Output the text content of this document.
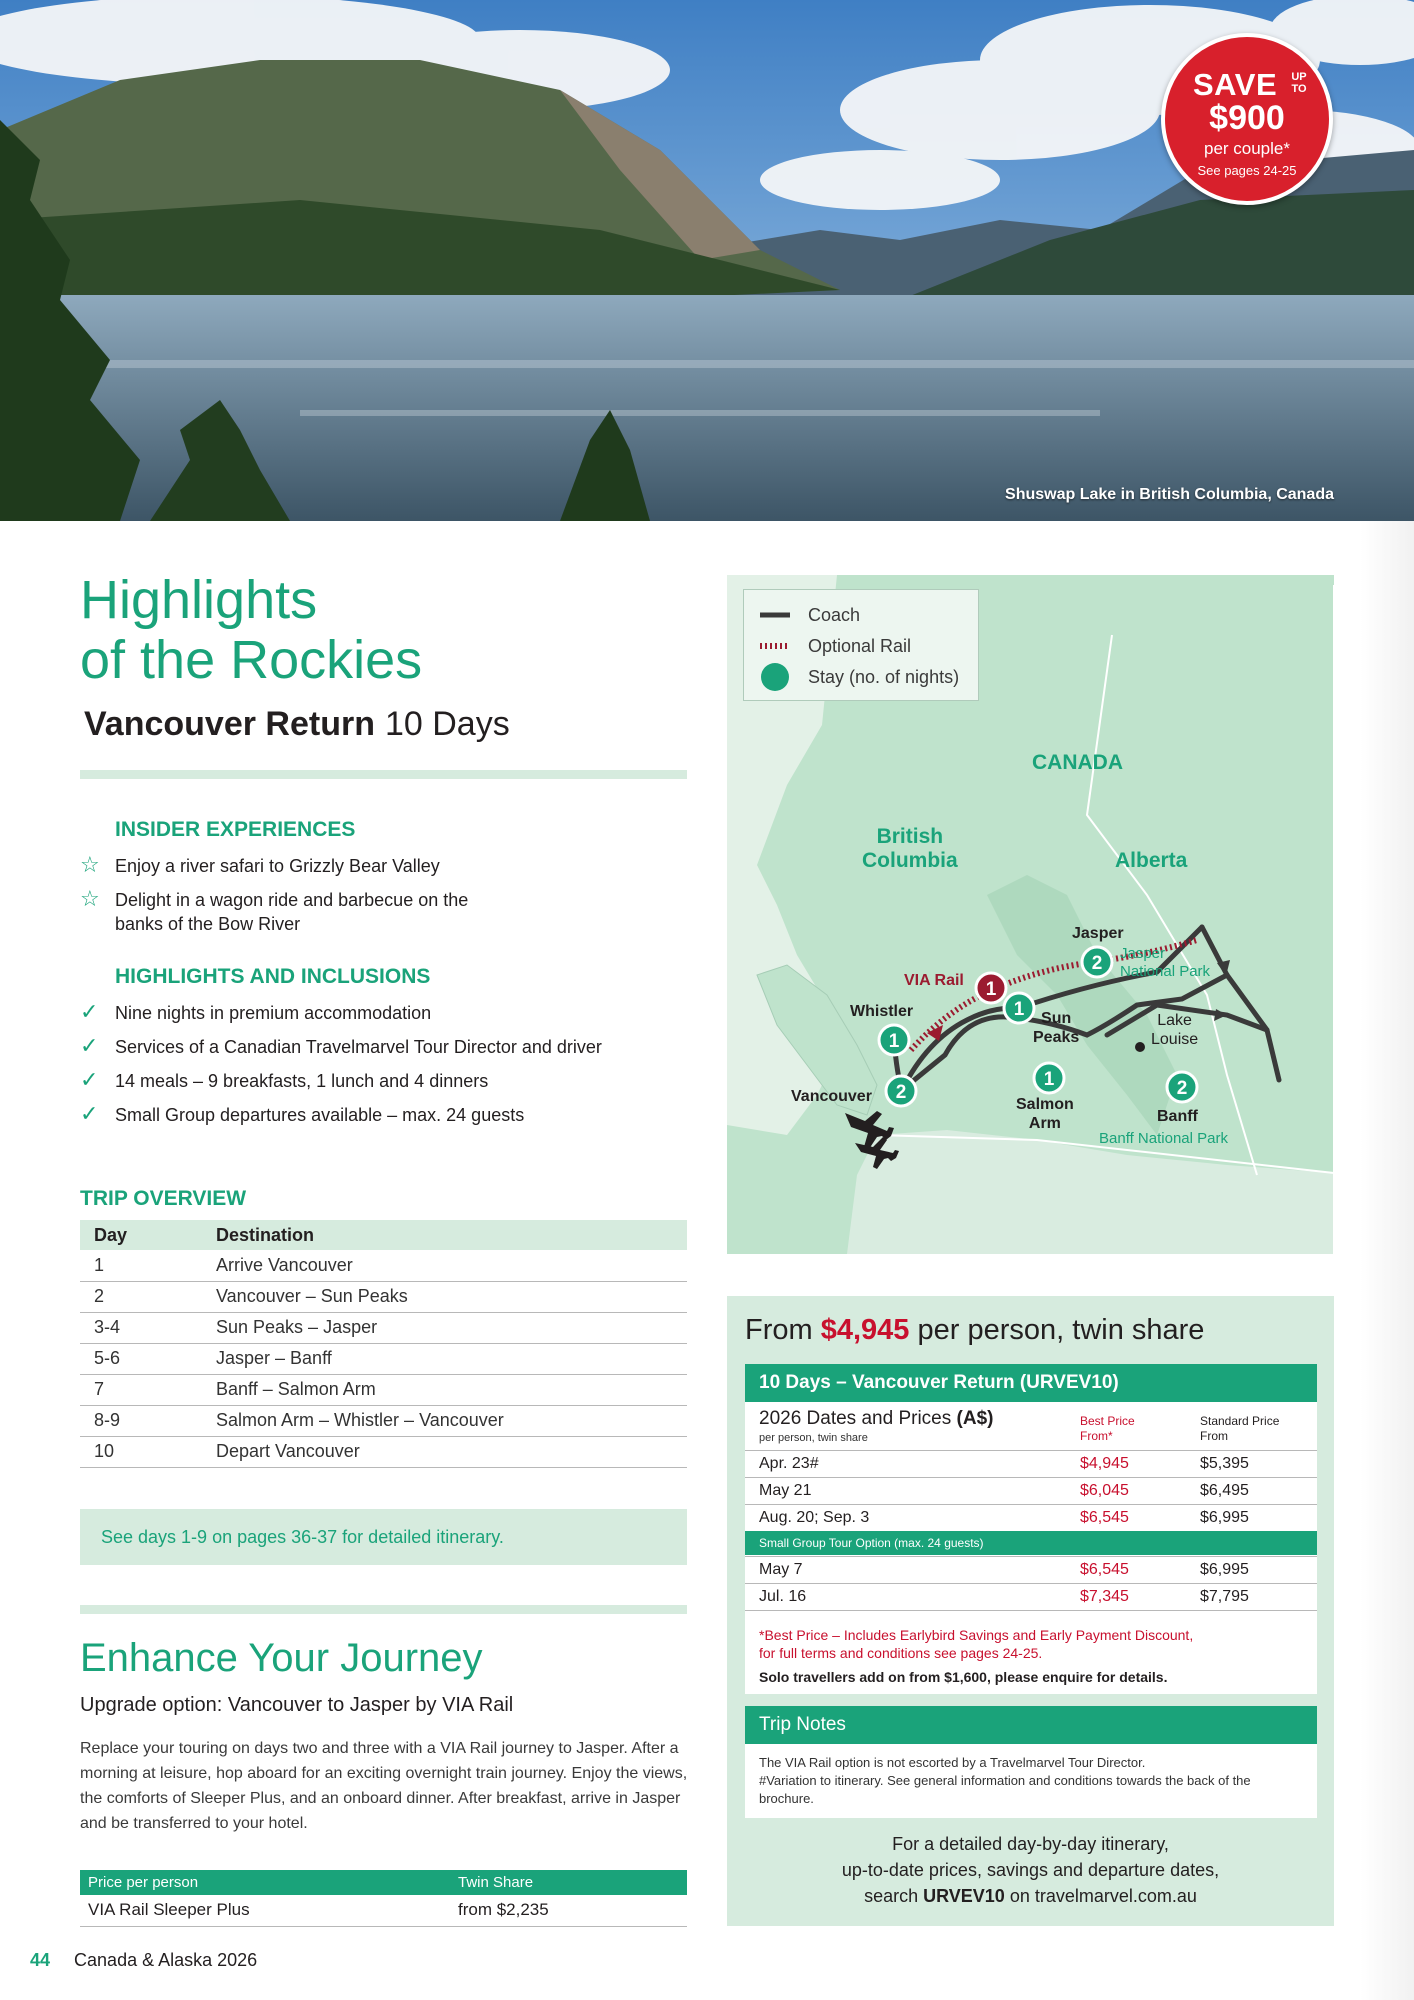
Shuswap Lake in British Columbia, Canada
SAVE	UP TO
$900
per couple*
See pages 24-25
Highlights
of the Rockies
Vancouver Return 10 Days
INSIDER EXPERIENCES
☆ Enjoy a river safari to Grizzly Bear Valley
☆ Delight in a wagon ride and barbecue on the
banks of the Bow River
HIGHLIGHTS AND INCLUSIONS
✓ Nine nights in premium accommodation
✓ Services of a Canadian Travelmarvel Tour Director and driver
✓ 14 meals – 9 breakfasts, 1 lunch and 4 dinners
✓ Small Group departures available – max. 24 guests
TRIP OVERVIEW
Day	Destination
1	Arrive Vancouver
2	Vancouver – Sun Peaks
3-4	Sun Peaks – Jasper
5-6	Jasper – Banff
7	Banff – Salmon Arm
8-9	Salmon Arm – Whistler – Vancouver
10	Depart Vancouver
See days 1-9 on pages 36-37 for detailed itinerary.
Enhance Your Journey
Upgrade option: Vancouver to Jasper by VIA Rail

Replace your touring on days two and three with a VIA Rail journey to Jasper. After a morning at leisure, hop aboard for an exciting overnight train journey. Enjoy the views, the comforts of Sleeper Plus, and an onboard dinner. After breakfast, arrive in Jasper and be transferred to your hotel.

Price per person	Twin Share
VIA Rail Sleeper Plus	from $2,235
44 Canada & Alaska 2026
2
1
1
2
1	2
1
Coach
Optional Rail
Stay (no. of nights)
CANADA
British
Columbia	Alberta
Jasper
Jasper
National Park
VIA Rail
Whistler	Sun
Peaks
Lake
Louise
Vancouver	Salmon
Arm	Banff
Banff National Park
From $4,945 per person, twin share
10 Days – Vancouver Return (URVEV10)
2026 Dates and Prices (A$)
per person, twin share
Best Price
From*
Standard Price
From
Apr. 23#	$4,945	$5,395
May 21	$6,045	$6,495
Aug. 20; Sep. 3	$6,545	$6,995
Small Group Tour Option (max. 24 guests)
May 7	$6,545	$6,995
Jul. 16	$7,345	$7,795
*Best Price – Includes Earlybird Savings and Early Payment Discount,
for full terms and conditions see pages 24-25.
Solo travellers add on from $1,600, please enquire for details.
Trip Notes
The VIA Rail option is not escorted by a Travelmarvel Tour Director.
#Variation to itinerary. See general information and conditions towards the back of the brochure.
For a detailed day-by-day itinerary,
up-to-date prices, savings and departure dates,
search URVEV10 on travelmarvel.com.au
